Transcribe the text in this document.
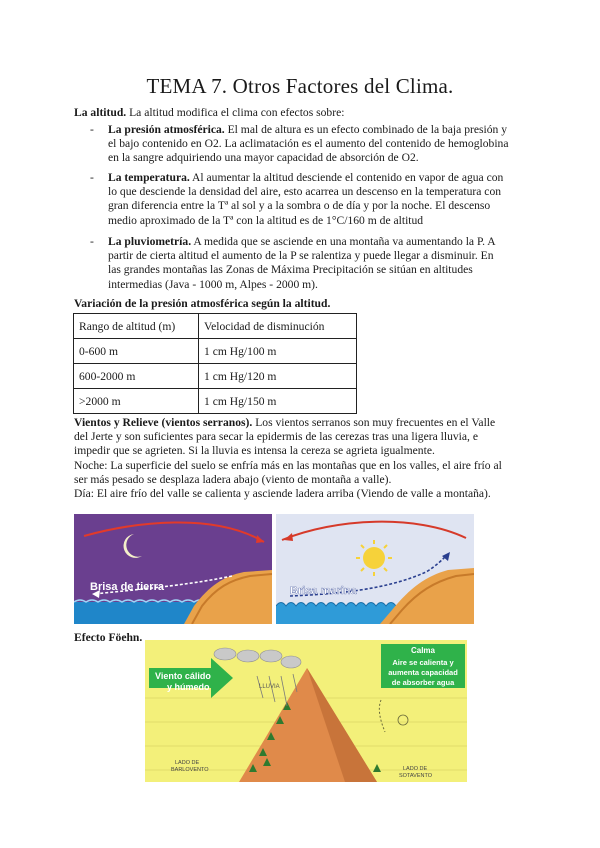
TEMA 7. Otros Factores del Clima.
La altitud. La altitud modifica el clima con efectos sobre:
- La presión atmosférica. El mal de altura es un efecto combinado de la baja presión y
el bajo contenido en O2. La aclimatación es el aumento del contenido de hemoglobina
en la sangre adquiriendo una mayor capacidad de absorción de O2.
- La temperatura. Al aumentar la altitud desciende el contenido en vapor de agua con
lo que desciende la densidad del aire, esto acarrea un descenso en la temperatura con
gran diferencia entre la Tª al sol y a la sombra o de día y por la noche. El descenso
medio aproximado de la Tª con la altitud es de 1°C/160 m de altitud
- La pluviometría. A medida que se asciende en una montaña va aumentando la P. A
partir de cierta altitud el aumento de la P se ralentiza y puede llegar a disminuir. En
las grandes montañas las Zonas de Máxima Precipitación se sitúan en altitudes
intermedias (Java - 1000 m, Alpes - 2000 m).
Variación de la presión atmosférica según la altitud.
Rango de altitud (m)	Velocidad de disminución
0-600 m	1 cm Hg/100 m
600-2000 m	1 cm Hg/120 m
>2000 m	1 cm Hg/150 m
Vientos y Relieve (vientos serranos). Los vientos serranos son muy frecuentes en el Valle
del Jerte y son suficientes para secar la epidermis de las cerezas tras una ligera lluvia, e
impedir que se agrieten. Si la lluvia es intensa la cereza se agrieta igualmente.
Noche: La superficie del suelo se enfría más en las montañas que en los valles, el aire frío al
ser más pesado se desplaza ladera abajo (viento de montaña a valle).
Día: El aire frío del valle se calienta y asciende ladera arriba (Viendo de valle a montaña).
Brisa de tierra	Brisa marina
Efecto Föehn.
Viento cálido
y húmedo	LLUVIA
Calma
Aire se calienta y
aumenta capacidad
de absorber agua
LADO DE
BARLOVENTO	LADO DE
SOTAVENTO
